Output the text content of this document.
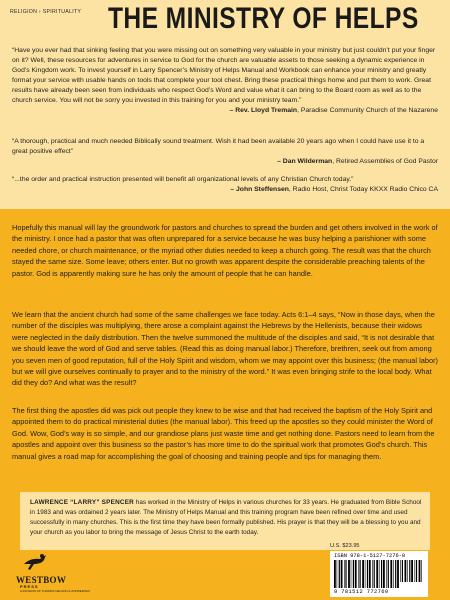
RELIGION › SPIRITUALITY THE MINISTRY OF HELPS
“Have you ever had that sinking feeling that you were missing out on something very valuable in your ministry but just couldn’t put your finger on it? Well, these resources for adventures in service to God for the church are valuable assets to those seeking a dynamic experience in God’s Kingdom work. To invest yourself in Larry Spencer’s Ministry of Helps Manual and Workbook can enhance your ministry and greatly format your service with usable hands on tools that complete your tool chest. Bring these practical things home and put them to work. Great results have already been seen from individuals who respect God’s Word and value what it can bring to the Board room as well as to the church service. You will not be sorry you invested in this training for you and your ministry team.”
– Rev. Lloyd Tremain, Paradise Community Church of the Nazarene
“A thorough, practical and much needed Biblically sound treatment. Wish it had been available 20 years ago when I could have use it to a great positive effect”
– Dan Wilderman, Retired Assemblies of God Pastor
“...the order and practical instruction presented will benefit all organizational levels of any Christian Church today.”
– John Steffensen, Radio Host, Christ Today KKXX Radio Chico CA
Hopefully this manual will lay the groundwork for pastors and churches to spread the burden and get others involved in the work of the ministry. I once had a pastor that was often unprepared for a service because he was busy helping a parishioner with some needed chore, or church maintenance, or the myriad other duties needed to keep a church going. The result was that the church stayed the same size. Some leave; others enter. But no growth was apparent despite the considerable preaching talents of the pastor. God is apparently making sure he has only the amount of people that he can handle.
We learn that the ancient church had some of the same challenges we face today. Acts 6:1–4 says, “Now in those days, when the number of the disciples was multiplying, there arose a complaint against the Hebrews by the Hellenists, because their widows were neglected in the daily distribution. Then the twelve summoned the multitude of the disciples and said, “It is not desirable that we should leave the word of God and serve tables. (Read this as doing manual labor.) Therefore, brethren, seek out from among you seven men of good reputation, full of the Holy Spirit and wisdom, whom we may appoint over this business; (the manual labor) but we will give ourselves continually to prayer and to the ministry of the word.” It was even bringing strife to the local body. What did they do? And what was the result?
The first thing the apostles did was pick out people they knew to be wise and that had received the baptism of the Holy Spirit and appointed them to do practical ministerial duties (the manual labor). This freed up the apostles so they could minister the Word of God. Wow, God’s way is so simple, and our grandiose plans just waste time and get nothing done. Pastors need to learn from the apostles and appoint over this business so the pastor’s has more time to do the spiritual work that promotes God’s church. This manual gives a road map for accomplishing the goal of choosing and training people and tips for managing them.
LAWRENCE “LARRY” SPENCER has worked in the Ministry of Helps in various churches for 33 years. He graduated from Bible School in 1983 and was ordained 2 years later. The Ministry of Helps Manual and this training program have been refined over time and used successfully in many churches. This is the first time they have been formally published. His prayer is that they will be a blessing to you and your church as you labor to bring the message of Jesus Christ to the earth today.
WESTBOW
PRESS
A DIVISION OF THOMAS NELSON & ZONDERVAN
U.S. $23.95
ISBN 978-1-5127-7276-0
9 781512 772760
